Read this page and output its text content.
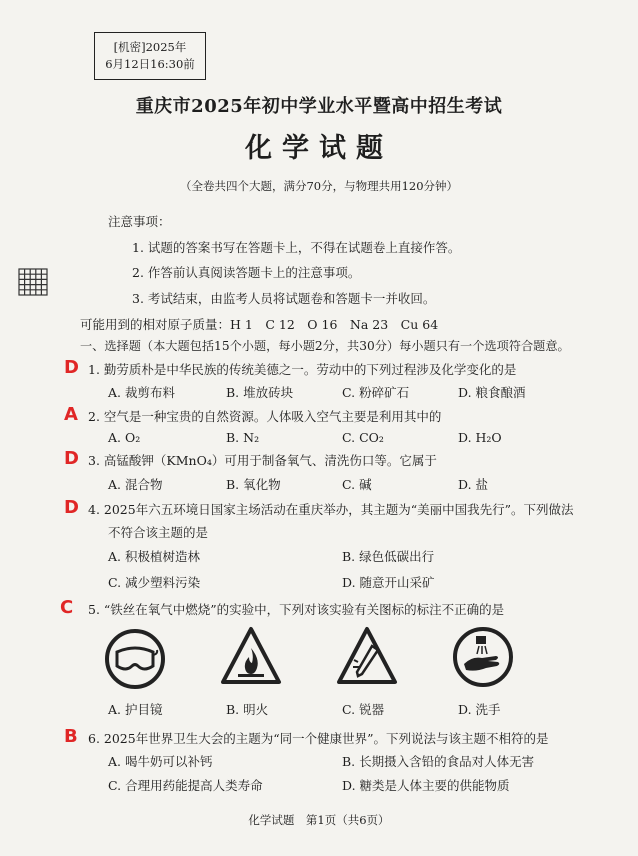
[机密]2025年
6月12日16:30前
重庆市2025年初中学业水平暨高中招生考试
化学试题
（全卷共四个大题，满分70分，与物理共用120分钟）
注意事项：
1. 试题的答案书写在答题卡上，不得在试题卷上直接作答。
2. 作答前认真阅读答题卡上的注意事项。
3. 考试结束，由监考人员将试题卷和答题卡一并收回。
可能用到的相对原子质量：H 1　C 12　O 16　Na 23　Cu 64
一、选择题（本大题包括15个小题，每小题2分，共30分）每小题只有一个选项符合题意。
D 1. 勤劳质朴是中华民族的传统美德之一。劳动中的下列过程涉及化学变化的是
A. 裁剪布料	B. 堆放砖块	C. 粉碎矿石	D. 粮食酿酒
A 2. 空气是一种宝贵的自然资源。人体吸入空气主要是利用其中的
A. O₂	B. N₂	C. CO₂	D. H₂O
D 3. 高锰酸钾（KMnO₄）可用于制备氧气、清洗伤口等。它属于
A. 混合物	B. 氧化物	C. 碱	D. 盐
D 4. 2025年六五环境日国家主场活动在重庆举办，其主题为“美丽中国我先行”。下列做法
不符合该主题的是
A. 积极植树造林	B. 绿色低碳出行
C. 减少塑料污染	D. 随意开山采矿
C 5. “铁丝在氧气中燃烧”的实验中，下列对该实验有关图标的标注不正确的是
A. 护目镜	B. 明火	C. 锐器	D. 洗手
B 6. 2025年世界卫生大会的主题为“同一个健康世界”。下列说法与该主题不相符的是
A. 喝牛奶可以补钙	B. 长期摄入含铅的食品对人体无害
C. 合理用药能提高人类寿命	D. 糖类是人体主要的供能物质
化学试题　第1页（共6页）
